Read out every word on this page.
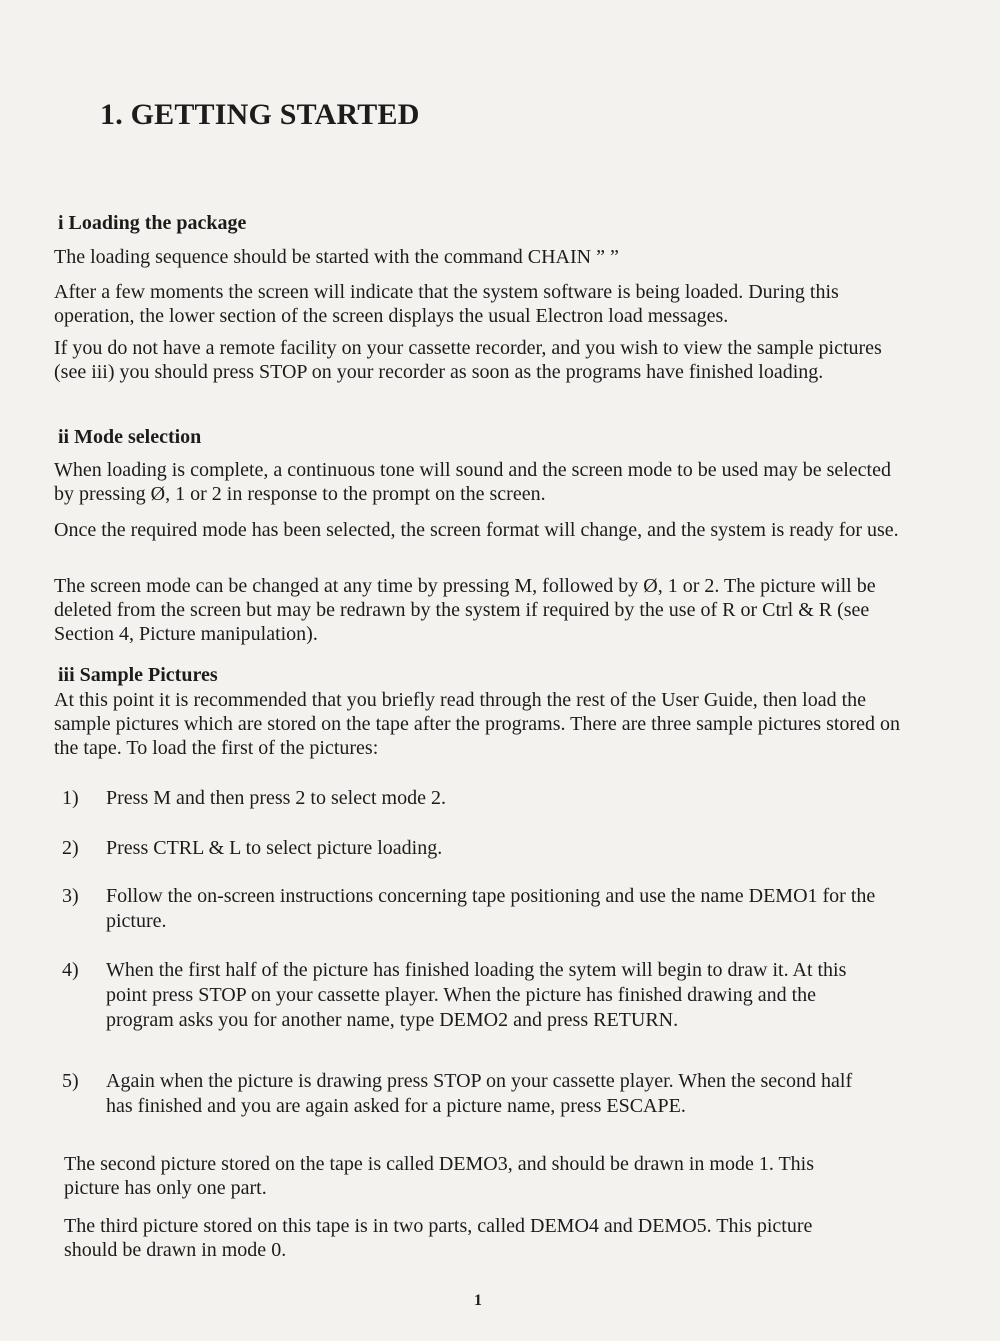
1. GETTING STARTED
i Loading the package

The loading sequence should be started with the command CHAIN ” ”

After a few moments the screen will indicate that the system software is being loaded. During this operation, the lower section of the screen displays the usual Electron load messages.

If you do not have a remote facility on your cassette recorder, and you wish to view the sample pictures (see iii) you should press STOP on your recorder as soon as the programs have finished loading.

ii Mode selection

When loading is complete, a continuous tone will sound and the screen mode to be used may be selected by pressing Ø, 1 or 2 in response to the prompt on the screen.

Once the required mode has been selected, the screen format will change, and the system is ready for use.

The screen mode can be changed at any time by pressing M, followed by Ø, 1 or 2. The picture will be deleted from the screen but may be redrawn by the system if required by the use of R or Ctrl & R (see Section 4, Picture manipulation).

iii Sample Pictures

At this point it is recommended that you briefly read through the rest of the User Guide, then load the sample pictures which are stored on the tape after the programs. There are three sample pictures stored on the tape. To load the first of the pictures:

1) Press M and then press 2 to select mode 2.
2) Press CTRL & L to select picture loading.
3) Follow the on-screen instructions concerning tape positioning and use the name DEMO1 for the picture.
4) When the first half of the picture has finished loading the sytem will begin to draw it. At this point press STOP on your cassette player. When the picture has finished drawing and the program asks you for another name, type DEMO2 and press RETURN.
5) Again when the picture is drawing press STOP on your cassette player. When the second half has finished and you are again asked for a picture name, press ESCAPE.

The second picture stored on the tape is called DEMO3, and should be drawn in mode 1. This picture has only one part.

The third picture stored on this tape is in two parts, called DEMO4 and DEMO5. This picture should be drawn in mode 0.

1
